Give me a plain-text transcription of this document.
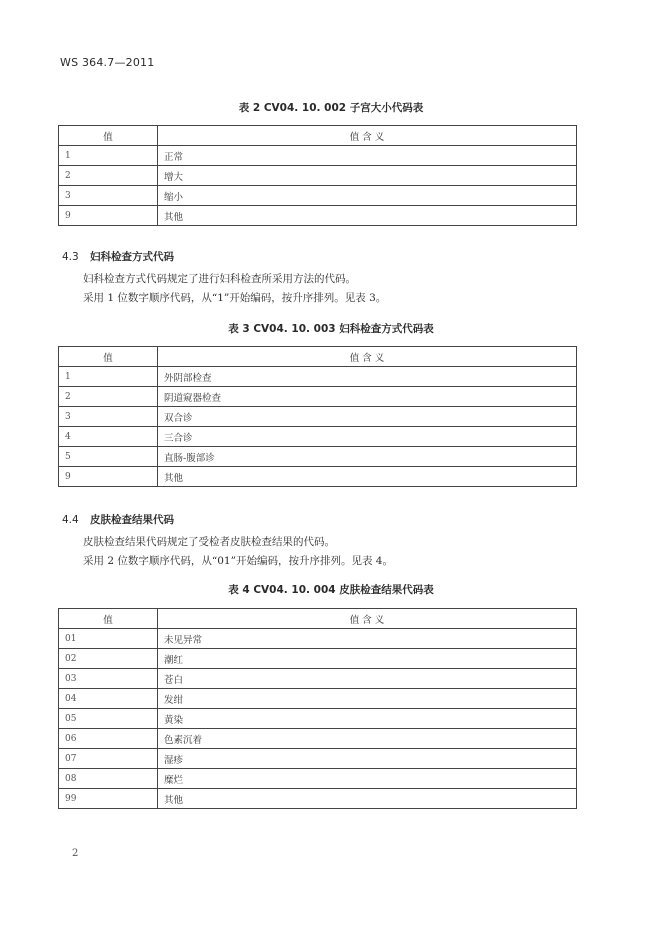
WS 364.7—2011
表 2 CV04. 10. 002 子宫大小代码表
值	值 含 义
1	正常
2	增大
3	缩小
9	其他
4.3 妇科检查方式代码
妇科检查方式代码规定了进行妇科检查所采用方法的代码。
采用 1 位数字顺序代码，从“1”开始编码，按升序排列。见表 3。
表 3 CV04. 10. 003 妇科检查方式代码表
值	值 含 义
1	外阴部检查
2	阴道窥器检查
3	双合诊
4	三合诊
5	直肠-腹部诊
9	其他
4.4 皮肤检查结果代码
皮肤检查结果代码规定了受检者皮肤检查结果的代码。
采用 2 位数字顺序代码，从“01”开始编码，按升序排列。见表 4。
表 4 CV04. 10. 004 皮肤检查结果代码表
值	值 含 义
01	未见异常
02	潮红
03	苍白
04	发绀
05	黄染
06	色素沉着
07	湿疹
08	糜烂
99	其他
2
